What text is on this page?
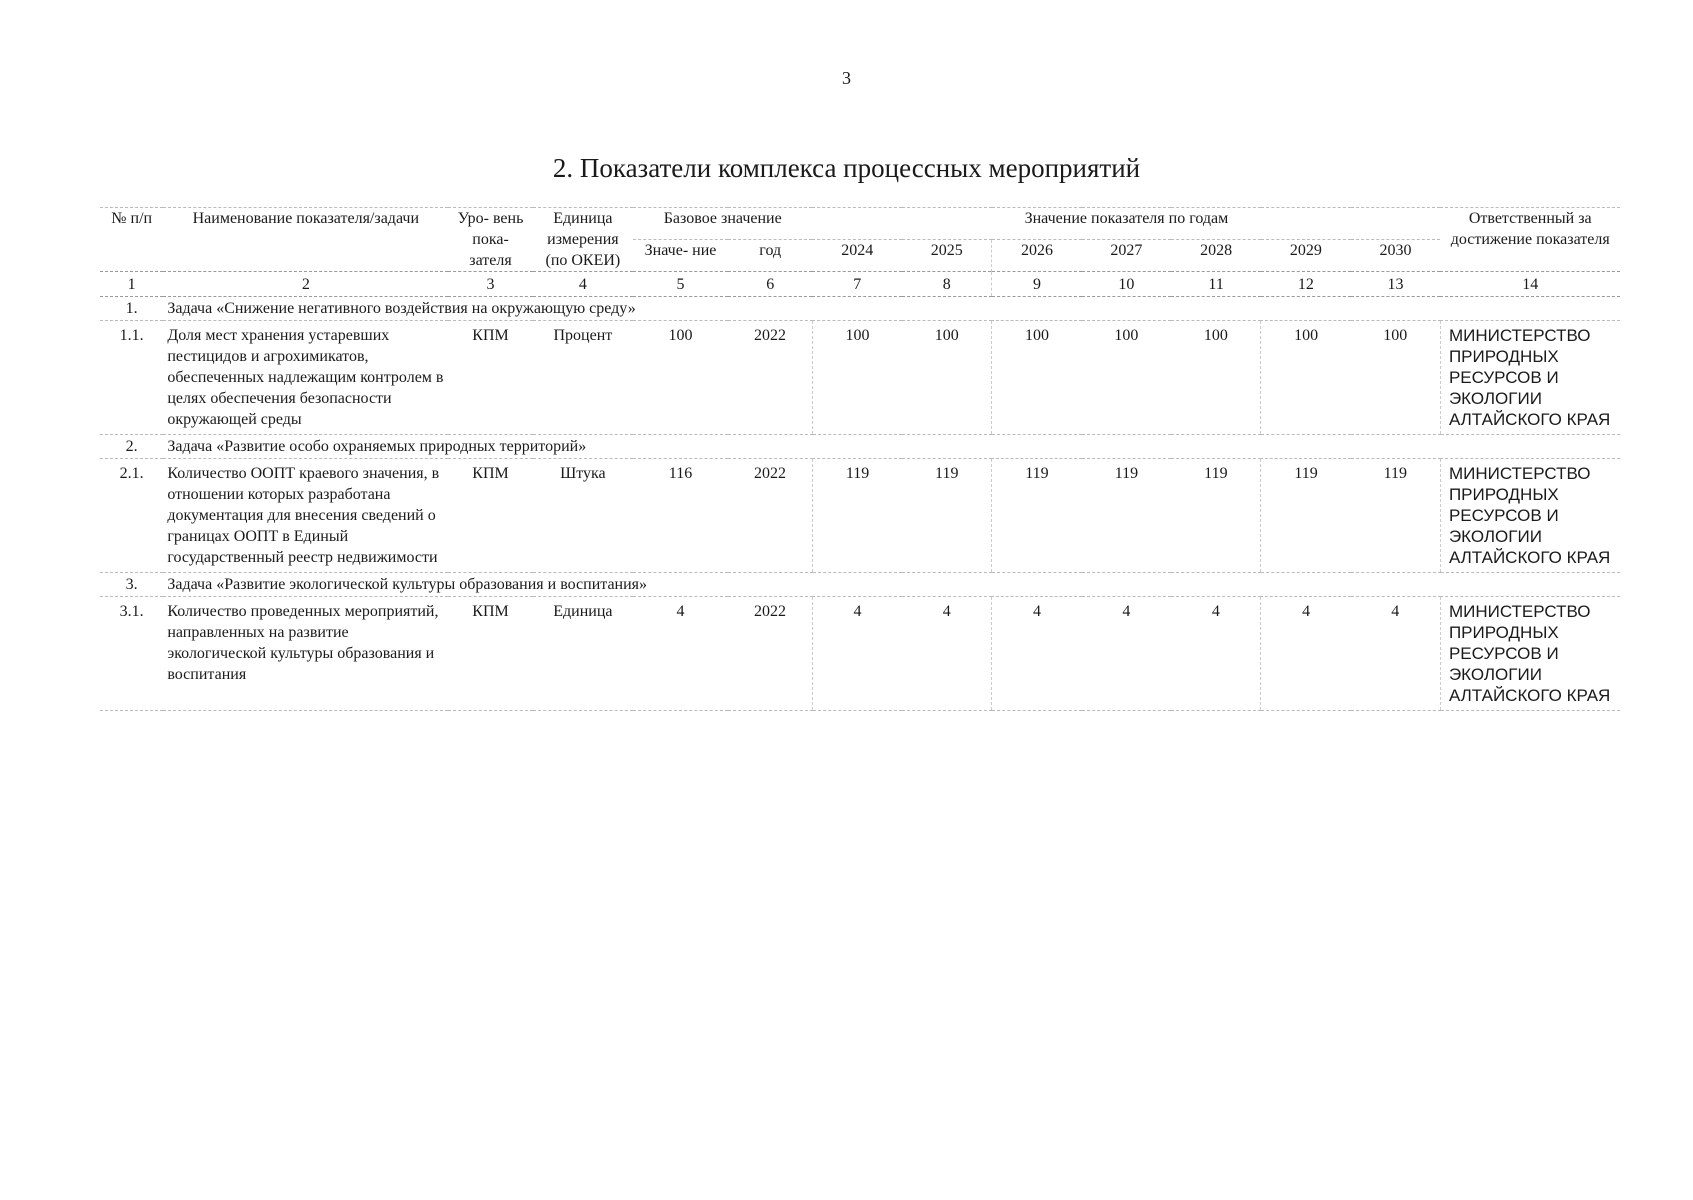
3
2. Показатели комплекса процессных мероприятий
№ п/п	Наименование показателя/задачи	Уро- вень пока- зателя	Единица измерения (по ОКЕИ)	Базовое значение		Значение показателя по годам							Ответственный за достижение показателя
				Значе- ние	год	2024	2025	2026	2027	2028	2029	2030	
1	2	3	4	5	6	7	8	9	10	11	12	13	14
1.	Задача «Снижение негативного воздействия на окружающую среду»												
1.1.	Доля мест хранения устаревших пестицидов и агрохимикатов, обеспеченных надлежащим контролем в целях обеспечения безопасности окружающей среды	КПМ	Процент	100	2022	100	100	100	100	100	100	100	МИНИСТЕРСТВО ПРИРОДНЫХ РЕСУРСОВ И ЭКОЛОГИИ АЛТАЙСКОГО КРАЯ
2.	Задача «Развитие особо охраняемых природных территорий»												
2.1.	Количество ООПТ краевого значения, в отношении которых разработана документация для внесения сведений о границах ООПТ в Единый государственный реестр недвижимости	КПМ	Штука	116	2022	119	119	119	119	119	119	119	МИНИСТЕРСТВО ПРИРОДНЫХ РЕСУРСОВ И ЭКОЛОГИИ АЛТАЙСКОГО КРАЯ
3.	Задача «Развитие экологической культуры образования и воспитания»												
3.1.	Количество проведенных мероприятий, направленных на развитие экологической культуры образования и воспитания	КПМ	Единица	4	2022	4	4	4	4	4	4	4	МИНИСТЕРСТВО ПРИРОДНЫХ РЕСУРСОВ И ЭКОЛОГИИ АЛТАЙСКОГО КРАЯ
